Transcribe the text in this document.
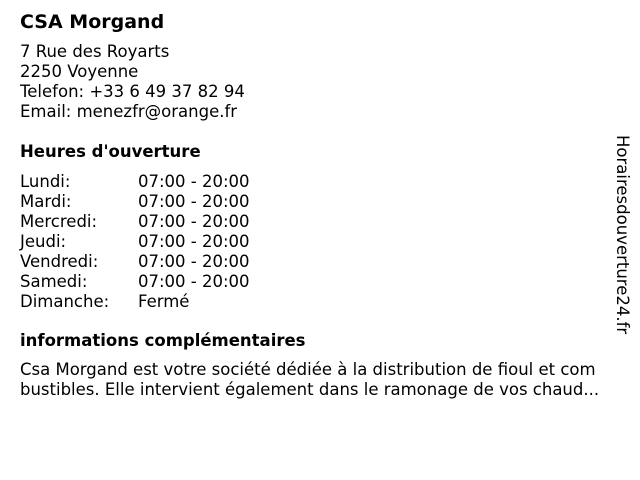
CSA Morgand
7 Rue des Royarts
2250 Voyenne
Telefon: +33 6 49 37 82 94
Email: menezfr@orange.fr
Heures d'ouverture
Lundi:	07:00 - 20:00
Mardi:	07:00 - 20:00
Mercredi:	07:00 - 20:00
Jeudi:	07:00 - 20:00
Vendredi:	07:00 - 20:00
Samedi:	07:00 - 20:00
Dimanche:	Fermé
informations complémentaires
Csa Morgand est votre société dédiée à la distribution de fioul et com
bustibles. Elle intervient également dans le ramonage de vos chaud...
Horairesdouverture24.fr
